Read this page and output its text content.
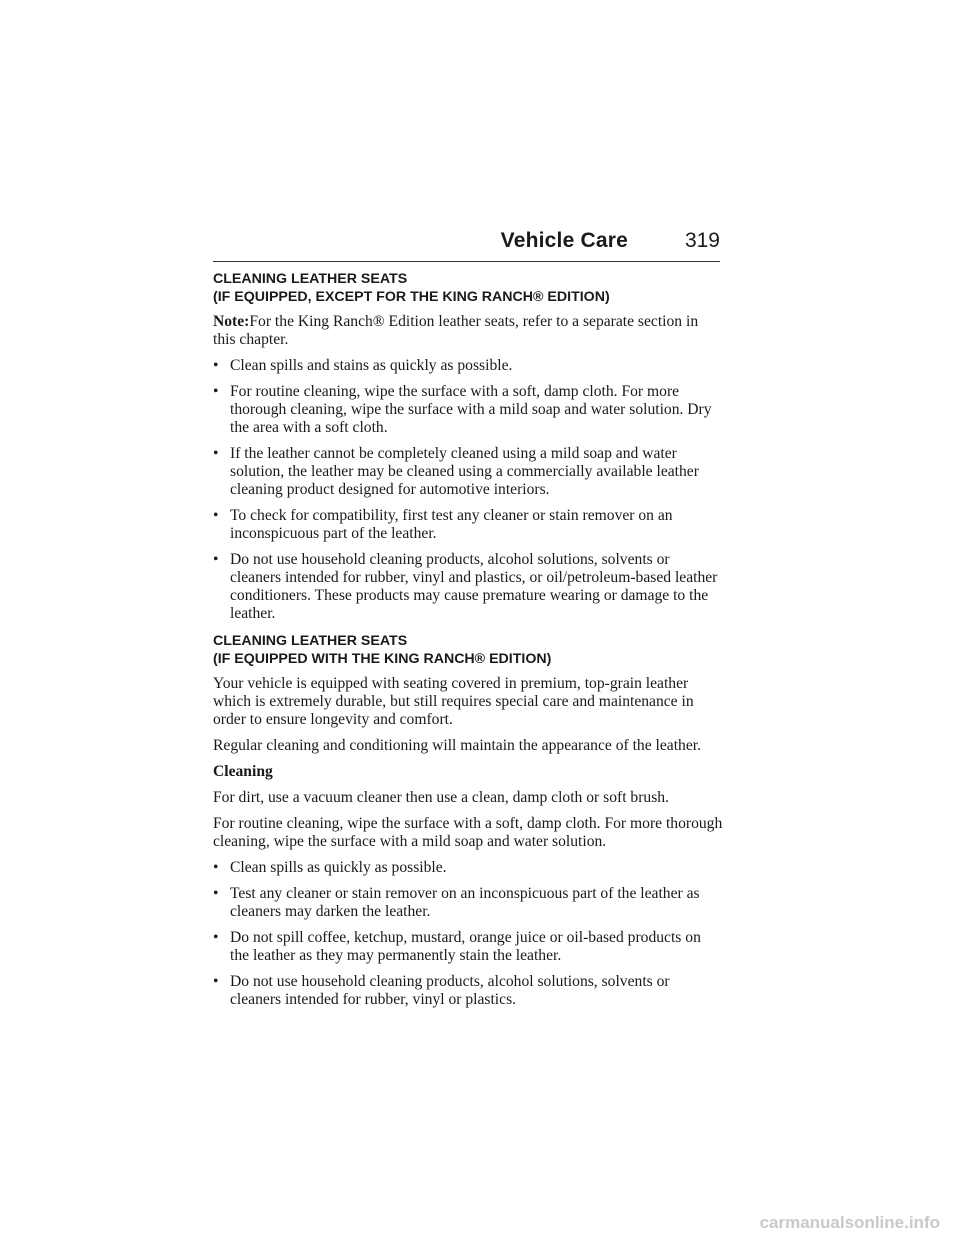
Vehicle Care	319
CLEANING LEATHER SEATS
(IF EQUIPPED, EXCEPT FOR THE KING RANCH® EDITION)

Note:For the King Ranch® Edition leather seats, refer to a separate section in this chapter.

• Clean spills and stains as quickly as possible.
• For routine cleaning, wipe the surface with a soft, damp cloth. For more thorough cleaning, wipe the surface with a mild soap and water solution. Dry the area with a soft cloth.
• If the leather cannot be completely cleaned using a mild soap and water solution, the leather may be cleaned using a commercially available leather cleaning product designed for automotive interiors.
• To check for compatibility, first test any cleaner or stain remover on an inconspicuous part of the leather.
• Do not use household cleaning products, alcohol solutions, solvents or cleaners intended for rubber, vinyl and plastics, or oil/petroleum-based leather conditioners. These products may cause premature wearing or damage to the leather.
CLEANING LEATHER SEATS
(IF EQUIPPED WITH THE KING RANCH® EDITION)

Your vehicle is equipped with seating covered in premium, top-grain leather which is extremely durable, but still requires special care and maintenance in order to ensure longevity and comfort.

Regular cleaning and conditioning will maintain the appearance of the leather.

Cleaning

For dirt, use a vacuum cleaner then use a clean, damp cloth or soft brush.

For routine cleaning, wipe the surface with a soft, damp cloth. For more thorough cleaning, wipe the surface with a mild soap and water solution.

• Clean spills as quickly as possible.
• Test any cleaner or stain remover on an inconspicuous part of the leather as cleaners may darken the leather.
• Do not spill coffee, ketchup, mustard, orange juice or oil-based products on the leather as they may permanently stain the leather.
• Do not use household cleaning products, alcohol solutions, solvents or cleaners intended for rubber, vinyl or plastics.
carmanualsonline.info
